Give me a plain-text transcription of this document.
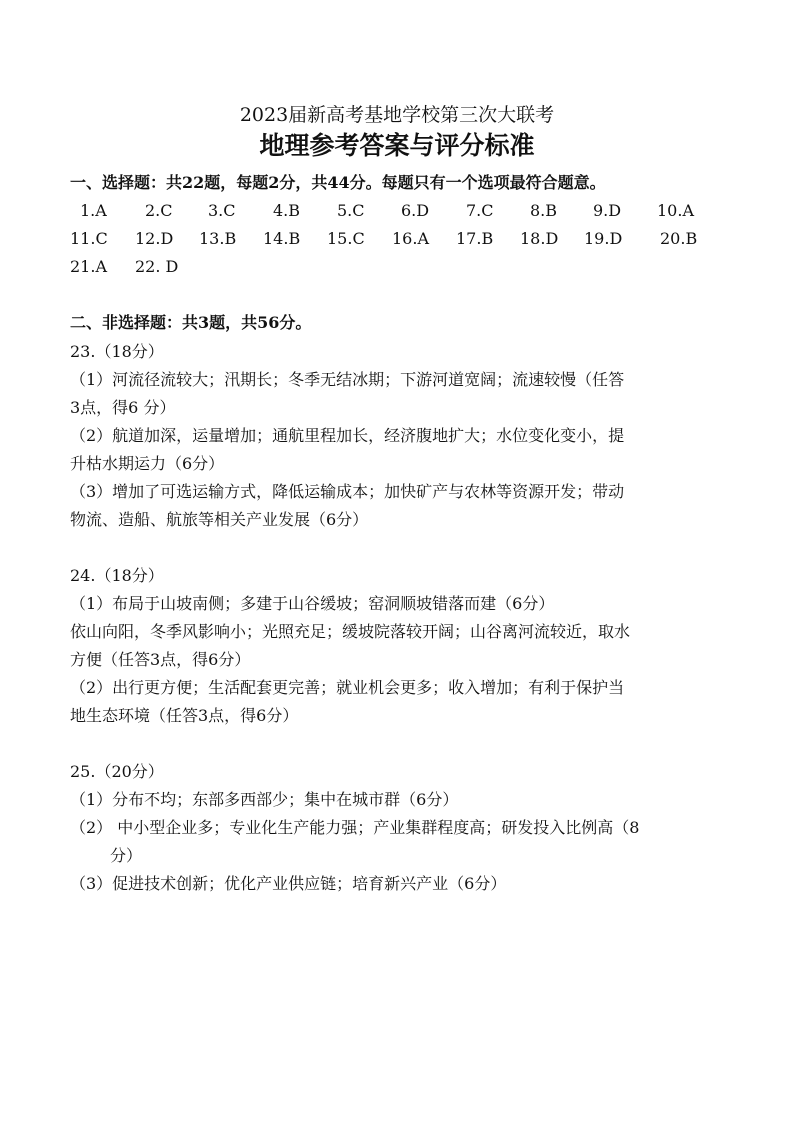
2023届新高考基地学校第三次大联考
地理参考答案与评分标准
一、选择题：共22题，每题2分，共44分。每题只有一个选项最符合题意。
1.A 2.C 3.C 4.B 5.C 6.D 7.C 8.B 9.D 10.A
11.C 12.D 13.B 14.B 15.C 16.A 17.B 18.D 19.D 20.B
21.A 22. D
二、非选择题：共3题，共56分。
23.（18分）
（1）河流径流较大；汛期长；冬季无结冰期；下游河道宽阔；流速较慢（任答
3点，得6 分）
（2）航道加深，运量增加；通航里程加长，经济腹地扩大；水位变化变小，提
升枯水期运力（6分）
（3）增加了可选运输方式，降低运输成本；加快矿产与农林等资源开发；带动
物流、造船、航旅等相关产业发展（6分）
24.（18分）
（1）布局于山坡南侧；多建于山谷缓坡；窑洞顺坡错落而建（6分）
依山向阳，冬季风影响小；光照充足；缓坡院落较开阔；山谷离河流较近，取水
方便（任答3点，得6分）
（2）出行更方便；生活配套更完善；就业机会更多；收入增加；有利于保护当
地生态环境（任答3点，得6分）
25.（20分）
（1）分布不均；东部多西部少；集中在城市群（6分）
（2） 中小型企业多；专业化生产能力强；产业集群程度高；研发投入比例高（8
分）
（3）促进技术创新；优化产业供应链；培育新兴产业（6分）
